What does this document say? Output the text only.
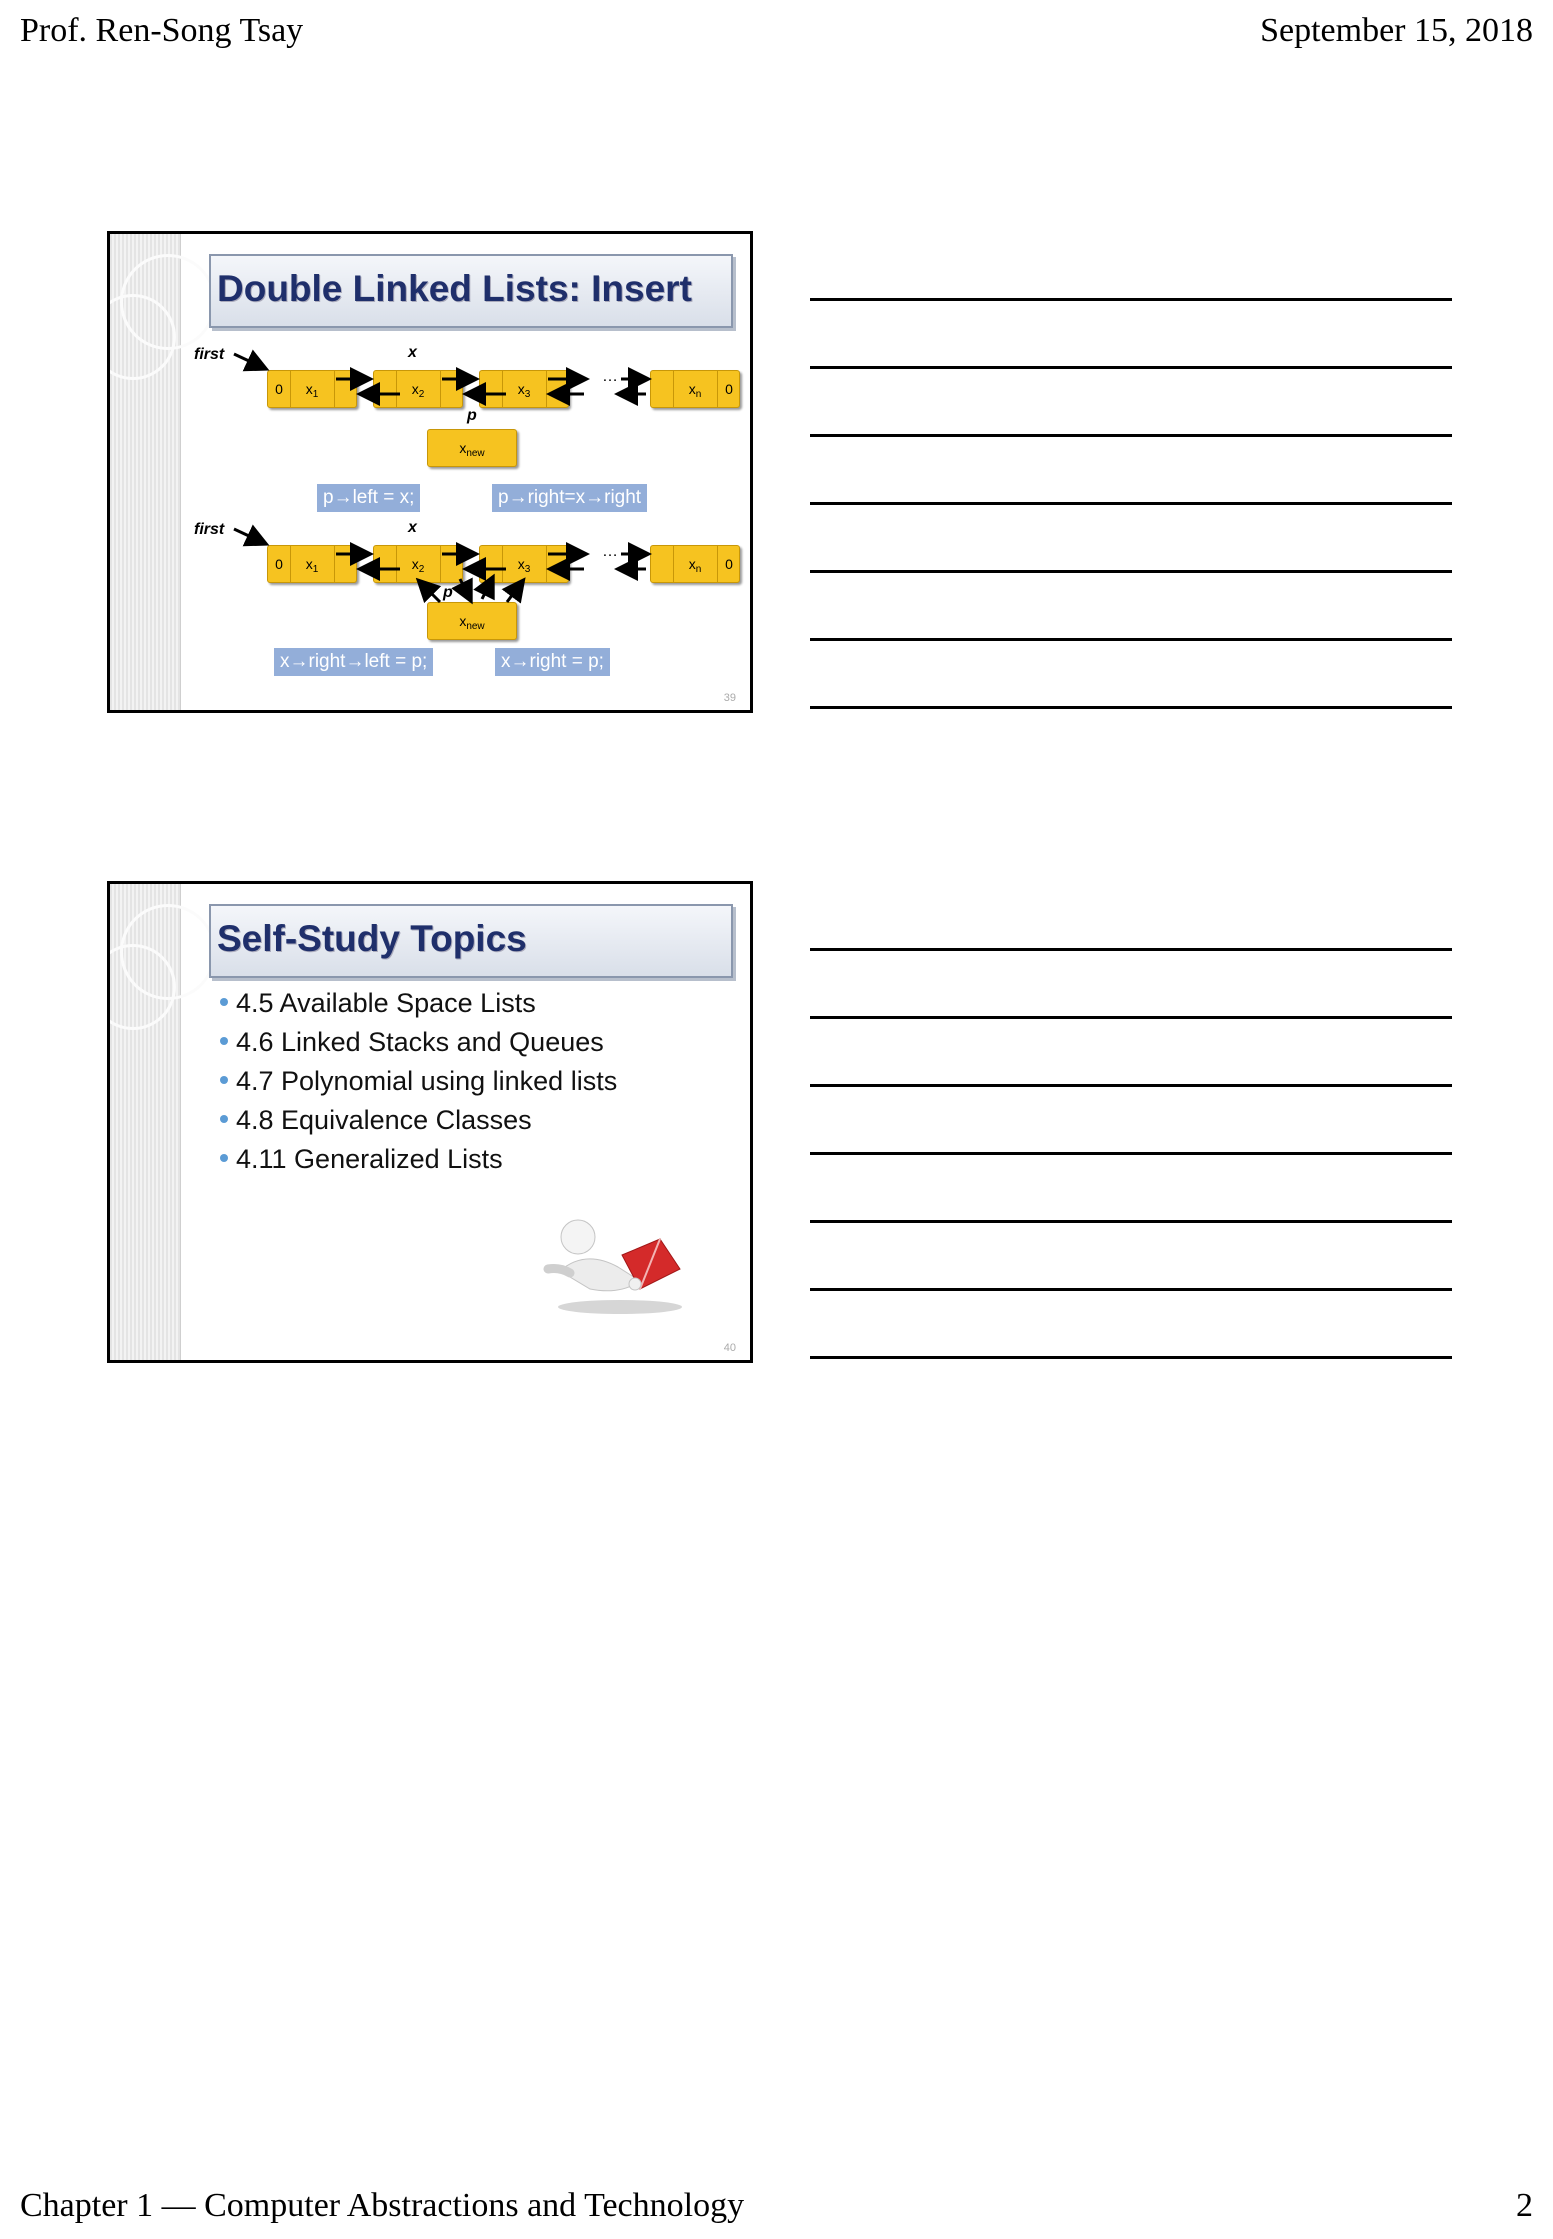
Prof. Ren-Song Tsay	September 15, 2018
Double Linked Lists: Insert
first	x
0	$x_1$	$x_2$	$x_3$
…
$x_n$	0
p
$x_{new}$
p→left = x;	p→right=x→right
first	x
0	$x_1$	$x_2$	$x_3$
…
$x_n$	0
p
$x_{new}$
x→right→left = p;	x→right = p;
39
Self-Study Topics
4.5 Available Space Lists
4.6 Linked Stacks and Queues
4.7 Polynomial using linked lists
4.8 Equivalence Classes
4.11 Generalized Lists
40
Chapter 1 — Computer Abstractions and Technology	2
